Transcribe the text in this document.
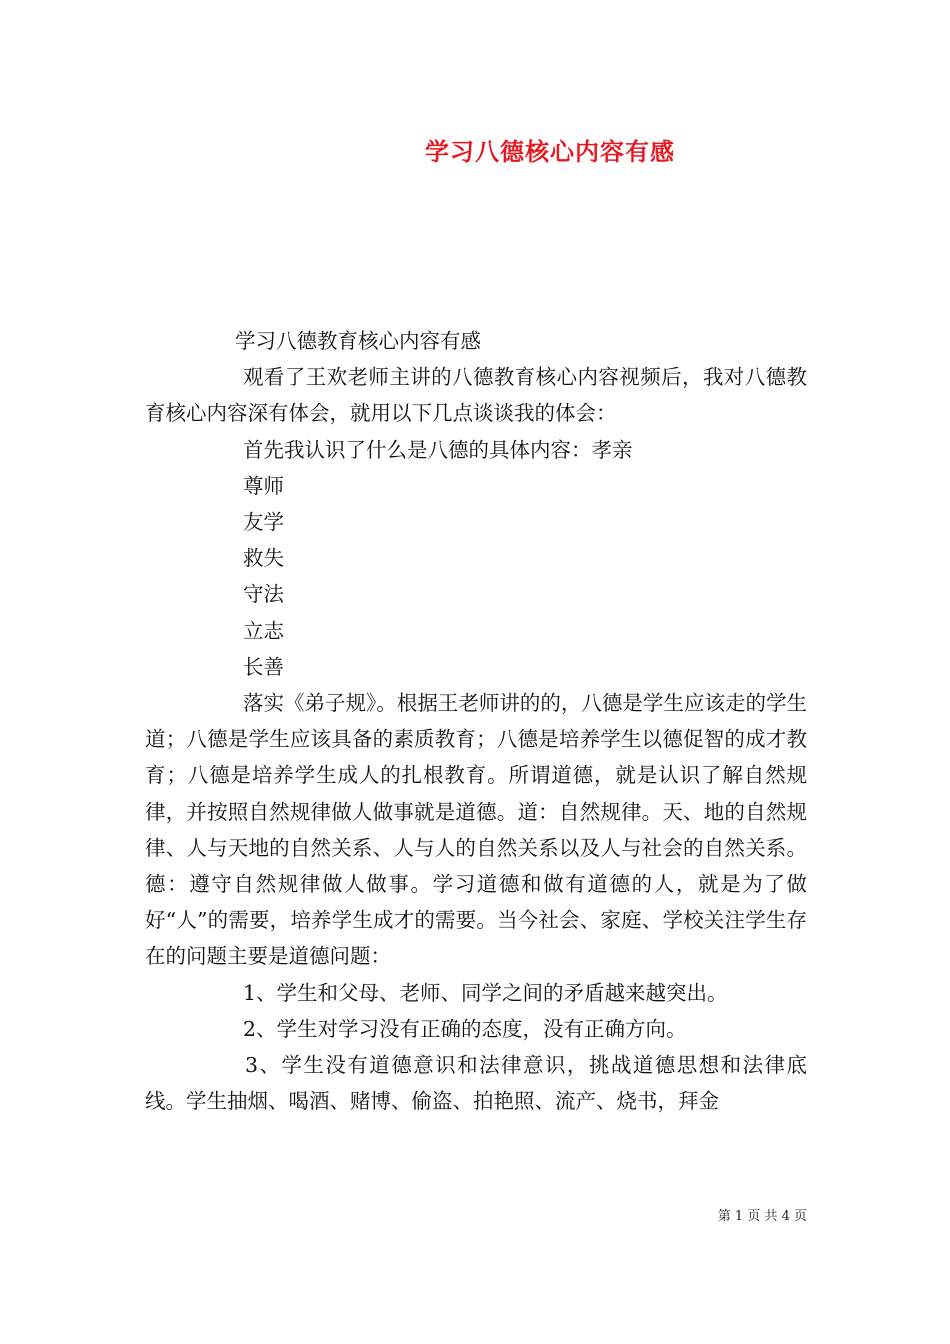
学习八德核心内容有感

学习八德教育核心内容有感

观看了王欢老师主讲的八德教育核心内容视频后，我对八德教育核心内容深有体会，就用以下几点谈谈我的体会：

首先我认识了什么是八德的具体内容：孝亲

尊师

友学

救失

守法

立志

长善

落实《弟子规》。根据王老师讲的的，八德是学生应该走的学生道；八德是学生应该具备的素质教育；八德是培养学生以德促智的成才教育；八德是培养学生成人的扎根教育。所谓道德，就是认识了解自然规律，并按照自然规律做人做事就是道德。道：自然规律。天、地的自然规律、人与天地的自然关系、人与人的自然关系以及人与社会的自然关系。德：遵守自然规律做人做事。学习道德和做有道德的人，就是为了做好“人”的需要，培养学生成才的需要。当今社会、家庭、学校关注学生存在的问题主要是道德问题：

1、学生和父母、老师、同学之间的矛盾越来越突出。

2、学生对学习没有正确的态度，没有正确方向。

3、学生没有道德意识和法律意识，挑战道德思想和法律底线。学生抽烟、喝酒、赌博、偷盗、拍艳照、流产、烧书，拜金

第 1 页 共 4 页
